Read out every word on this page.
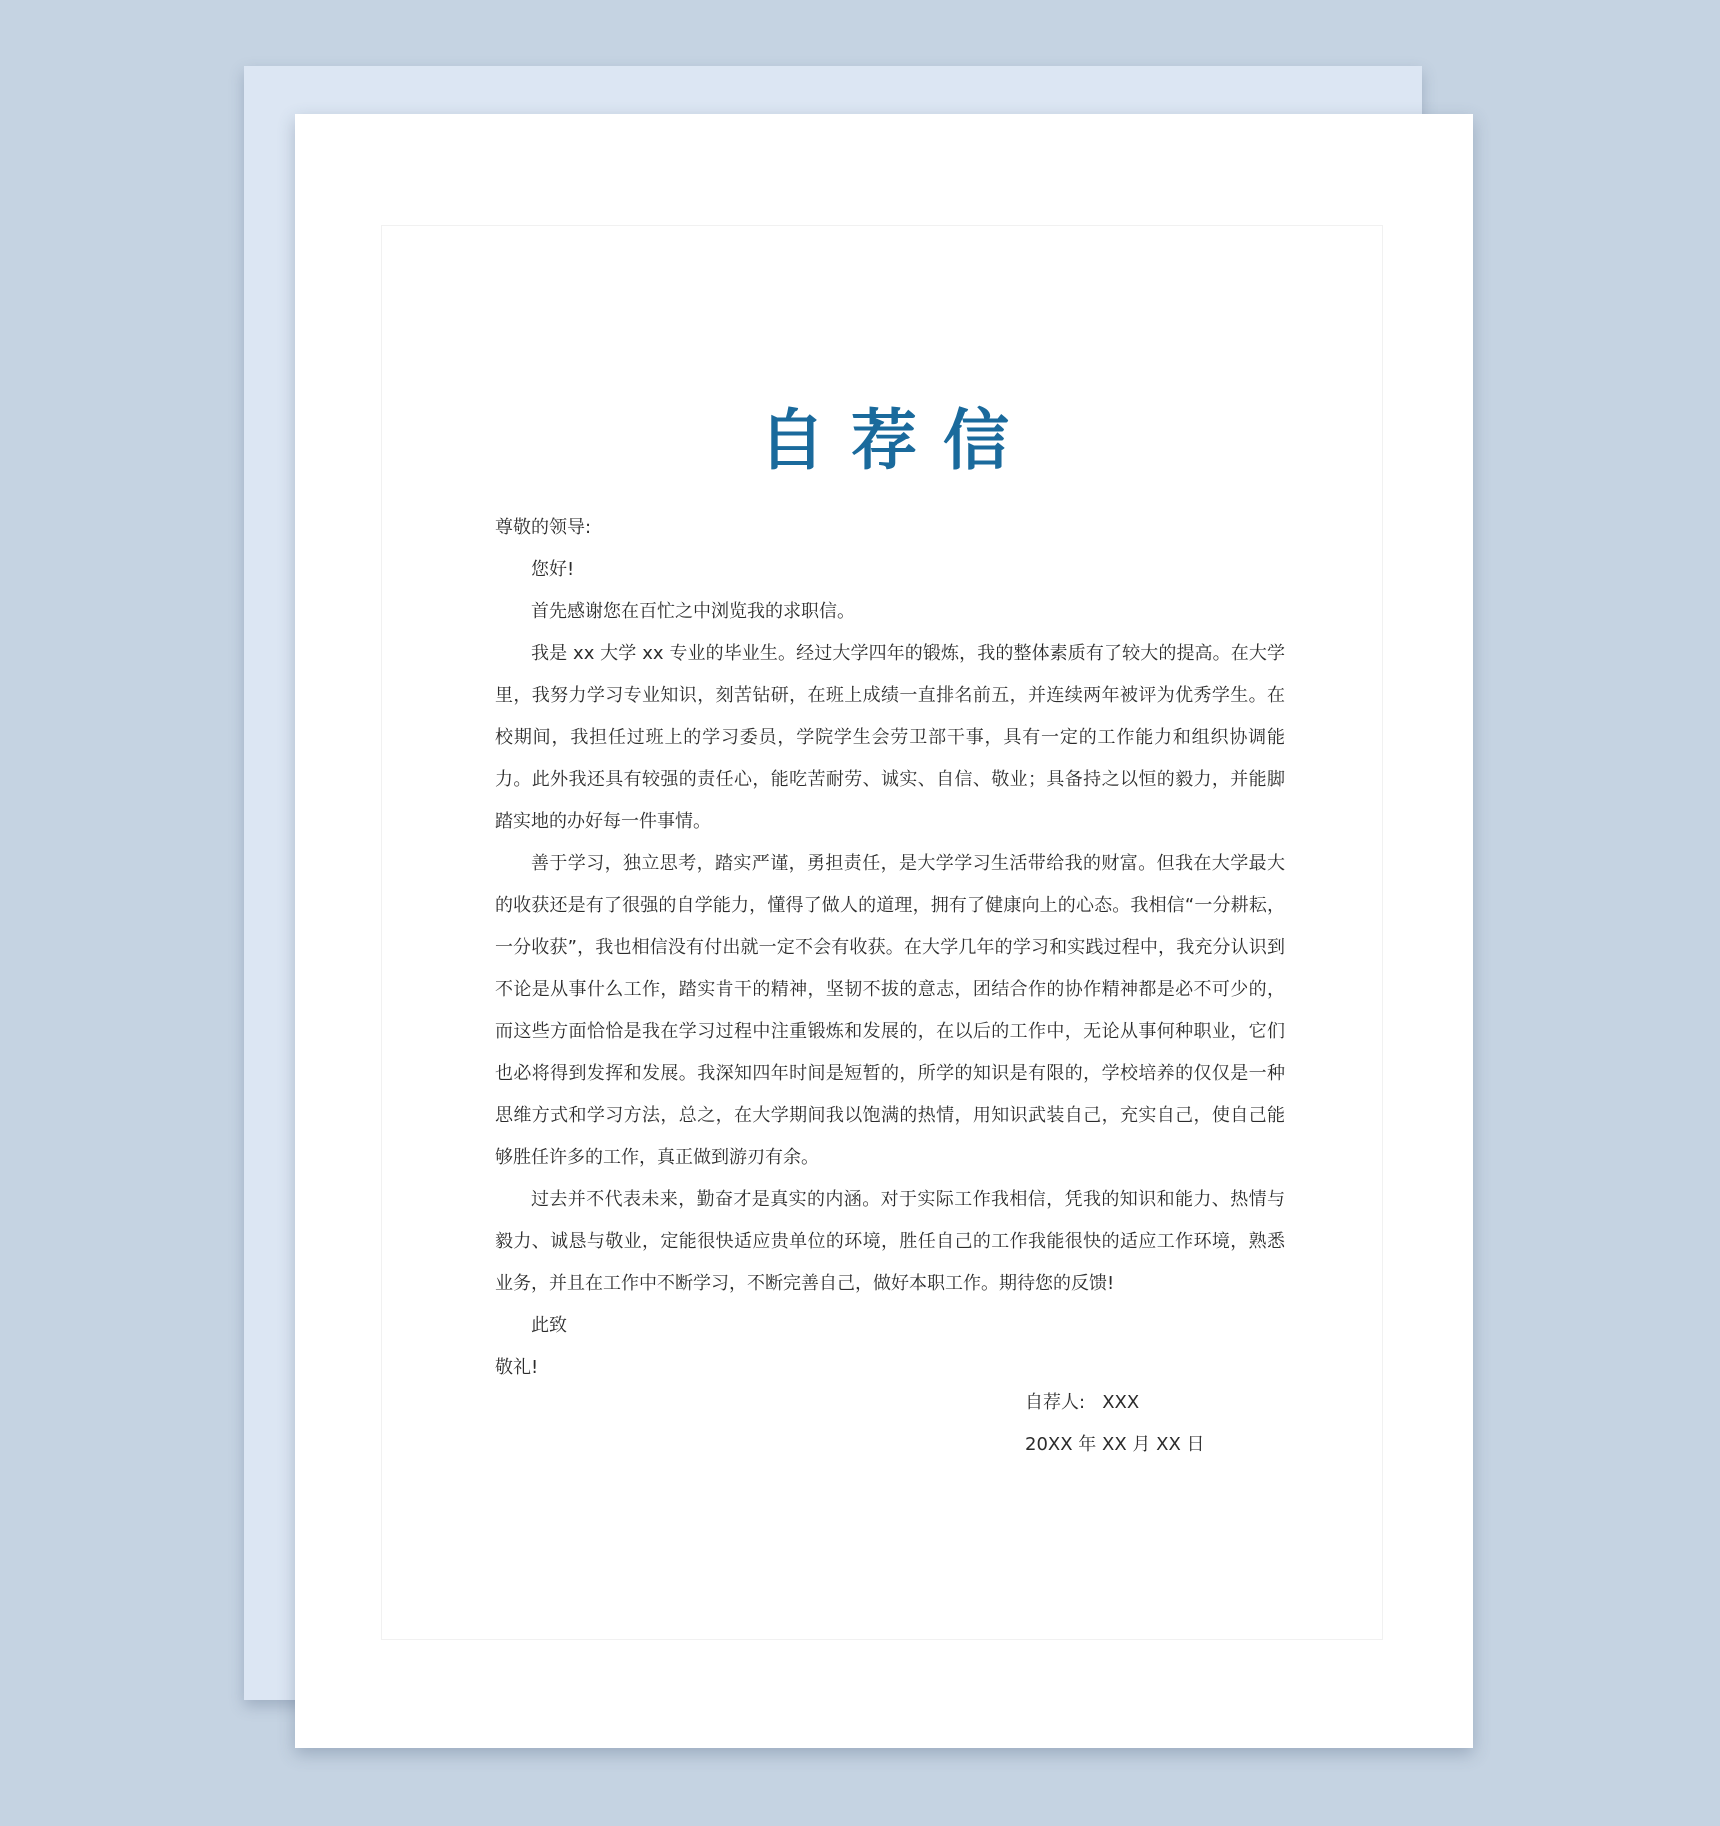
自荐信

尊敬的领导:

您好!

首先感谢您在百忙之中浏览我的求职信。

我是 xx 大学 xx 专业的毕业生。经过大学四年的锻炼，我的整体素质有了较大的提高。在大学里，我努力学习专业知识，刻苦钻研，在班上成绩一直排名前五，并连续两年被评为优秀学生。在校期间，我担任过班上的学习委员，学院学生会劳卫部干事，具有一定的工作能力和组织协调能力。此外我还具有较强的责任心，能吃苦耐劳、诚实、自信、敬业；具备持之以恒的毅力，并能脚踏实地的办好每一件事情。

善于学习，独立思考，踏实严谨，勇担责任，是大学学习生活带给我的财富。但我在大学最大的收获还是有了很强的自学能力，懂得了做人的道理，拥有了健康向上的心态。我相信“一分耕耘，一分收获”，我也相信没有付出就一定不会有收获。在大学几年的学习和实践过程中，我充分认识到不论是从事什么工作，踏实肯干的精神，坚韧不拔的意志，团结合作的协作精神都是必不可少的，而这些方面恰恰是我在学习过程中注重锻炼和发展的，在以后的工作中，无论从事何种职业，它们也必将得到发挥和发展。我深知四年时间是短暂的，所学的知识是有限的，学校培养的仅仅是一种思维方式和学习方法，总之，在大学期间我以饱满的热情，用知识武装自己，充实自己，使自己能够胜任许多的工作，真正做到游刃有余。

过去并不代表未来，勤奋才是真实的内涵。对于实际工作我相信，凭我的知识和能力、热情与毅力、诚恳与敬业，定能很快适应贵单位的环境，胜任自己的工作我能很快的适应工作环境，熟悉业务，并且在工作中不断学习，不断完善自己，做好本职工作。期待您的反馈!

此致

敬礼!

自荐人:   XXX

20XX 年 XX 月 XX 日
